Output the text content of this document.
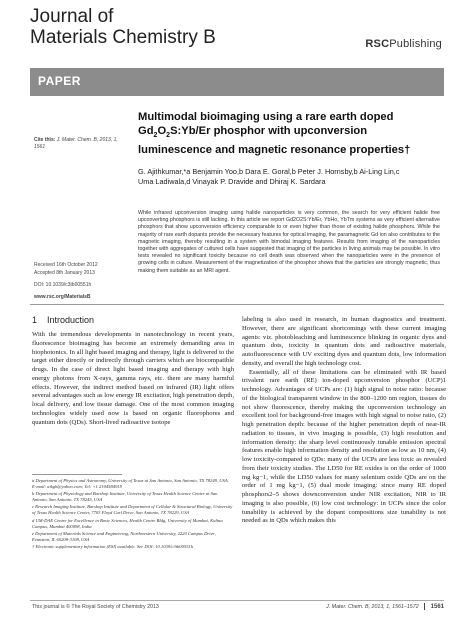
Journal of
Materials Chemistry B	RSCPublishing
PAPER
Cite this: J. Mater. Chem. B, 2013, 1, 1561
Received 16th October 2012
Accepted 8th January 2013
DOI: 10.1039/c3tb00551h
www.rsc.org/MaterialsB
Multimodal bioimaging using a rare earth doped
$Gd_2O_2S:Yb/Er$ phosphor with upconversion
luminescence and magnetic resonance properties†
G. Ajithkumar,*a Benjamin Yoo,b Dara E. Goral,b Peter J. Hornsby,b Ai-Ling Lin,c
Uma Ladiwala,d Vinayak P. Dravide and Dhiraj K. Sardara
While infrared upconversion imaging using halide nanoparticles is very common, the search for very efficient halide free upconverting phosphors is still lacking. In this article we report Gd2O2S:Yb/Er, YbHo, YbTm systems as very efficient alternative phosphors that show upconversion efficiency comparable to or even higher than those of existing halide phosphors. While the majority of rare earth dopants provide the necessary features for optical imaging, the paramagnetic Gd ion also contributes to the magnetic imaging, thereby resulting in a system with bimodal imaging features. Results from imaging of the nanoparticles together with aggregates of cultured cells have suggested that imaging of the particles in living animals may be possible. In vitro tests revealed no significant toxicity because no cell death was observed when the nanoparticles were in the presence of growing cells in culture. Measurement of the magnetization of the phosphor shows that the particles are strongly magnetic, thus making them suitable as an MRI agent.
1 Introduction

With the tremendous developments in nanotechnology in recent years, fluorescence bioimaging has become an extremely demanding area in biophotonics. In all light based imaging and therapy, light is delivered to the target either directly or indirectly through carriers which are biocompatible drugs. In the case of direct light based imaging and therapy with high energy photons from X-rays, gamma rays, etc. there are many harmful effects. However, the indirect method based on infrared (IR) light offers several advantages such as low energy IR excitation, high penetration depth, local delivery, and low tissue damage. One of the most common imaging technologies widely used now is based on organic fluorophores and quantum dots (QDs). Short-lived radioactive isotope

labeling is also used in research, in human diagnostics and treatment. However, there are significant shortcomings with these current imaging agents: viz. photobleaching and luminescence blinking in organic dyes and quantum dots, toxicity in quantum dots and radioactive materials, autofluorescence with UV exciting dyes and quantum dots, low information density, and overall the high technology cost.

Essentially, all of these limitations can be eliminated with IR based trivalent rare earth (RE) ion-doped upconversion phosphor (UCP)1 technology. Advantages of UCPs are: (1) high signal to noise ratio: because of the biological transparent window in the 800–1200 nm region, tissues do not show fluorescence, thereby making the upconversion technology an excellent tool for background-free images with high signal to noise ratio, (2) high penetration depth: because of the higher penetration depth of near-IR radiation to tissues, in vivo imaging is possible, (3) high resolution and information density: the sharp level continuously tunable emission spectral features enable high information density and resolution as low as 10 nm, (4) low toxicity-compared to QDs: many of the UCPs are less toxic as revealed from their toxicity studies. The LD50 for RE oxides is on the order of 1000 mg kg−1, while the LD50 values for many selenium oxide QDs are on the order of 1 mg kg−1, (5) dual mode imaging: since many RE doped phosphors2–5 shows downconversion under NIR excitation, NIR to IR imaging is also possible, (6) low cost technology: in UCPs since the color tunability is achieved by the dopant compositions size tunability is not needed as in QDs which makes this

a Department of Physics and Astronomy, University of Texas at San Antonio, San Antonio, TX 78249, USA. E-mail: aikgh@yahoo.com; Tel: +1 2104584919

b Department of Physiology and Barshop Institute, University of Texas Health Science Center at San Antonio, San Antonio, TX 78245, USA

c Research Imaging Institute, Barshop Institute and Department of Cellular & Structural Biology, University of Texas Health Science Center, 7703 Floyd Curl Drive, San Antonio, TX 78229, USA

d UM-DAE Centre for Excellence in Basic Sciences, Health Centre Bldg, University of Mumbai, Kalina Campus, Mumbai 400098, India

e Department of Materials Science and Engineering, Northwestern University, 2220 Campus Drive, Evanston, IL 60208-3108, USA

† Electronic supplementary information (ESI) available. See DOI: 10.1039/c3tb00551h

This journal is © The Royal Society of Chemistry 2013	J. Mater. Chem. B, 2013, 1, 1561–1572 1561
